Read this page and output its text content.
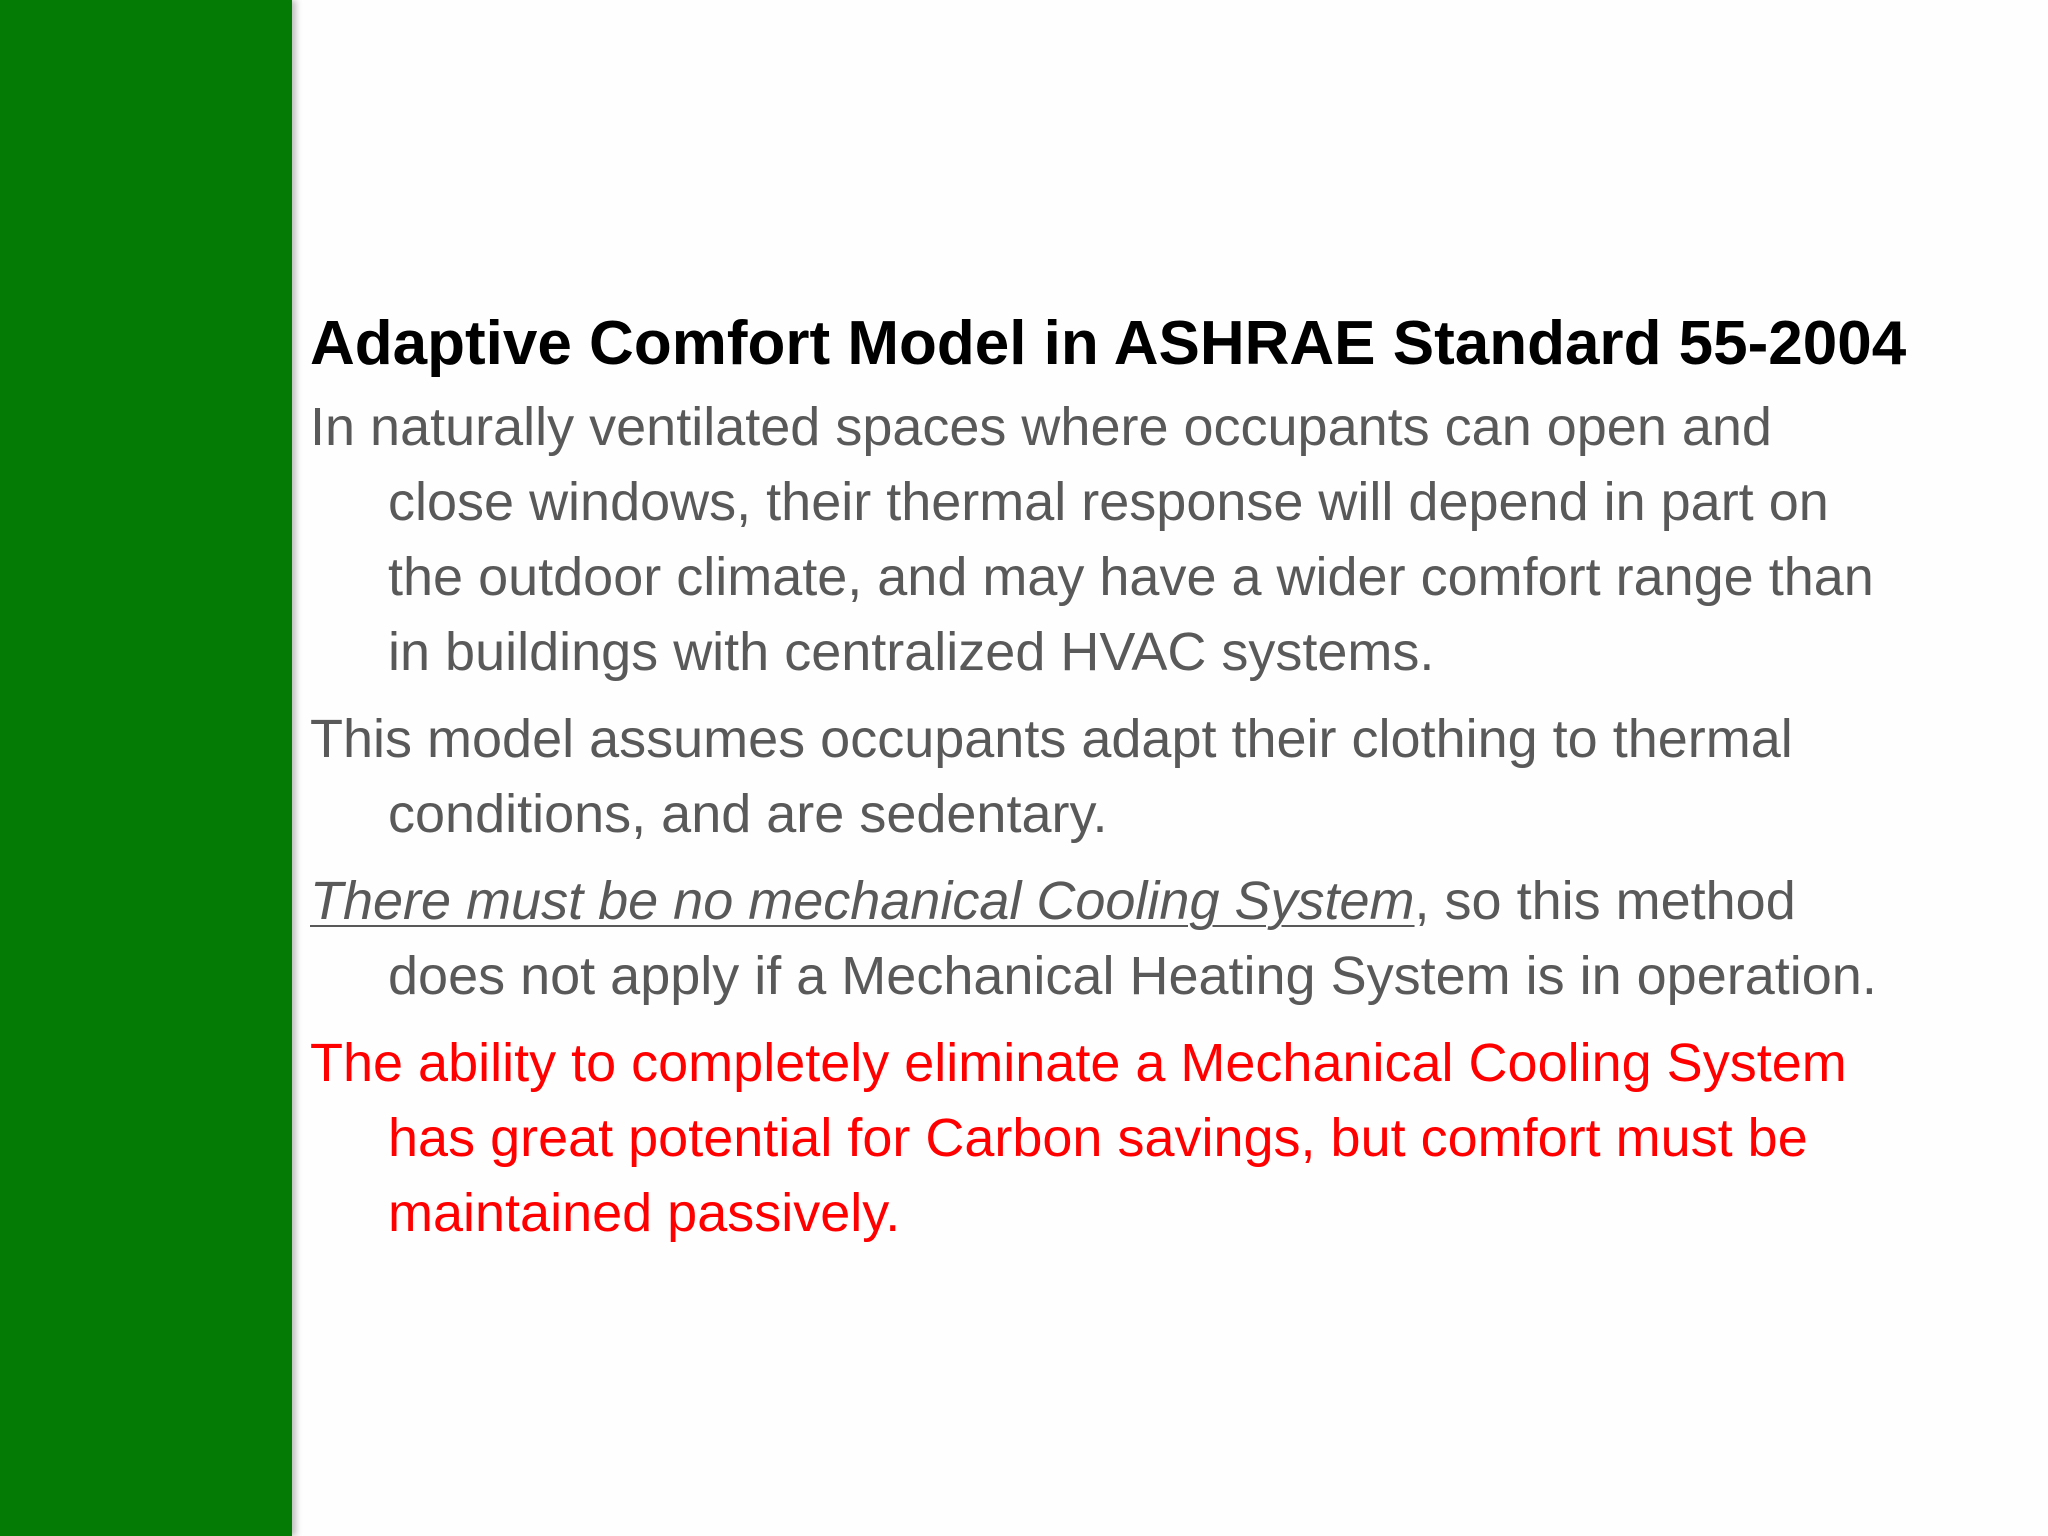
Adaptive Comfort Model in ASHRAE Standard 55-2004

In naturally ventilated spaces where occupants can open and close windows, their thermal response will depend in part on the outdoor climate, and may have a wider comfort range than in buildings with centralized HVAC systems.

This model assumes occupants adapt their clothing to thermal conditions, and are sedentary.

There must be no mechanical Cooling System, so this method does not apply if a Mechanical Heating System is in operation.

The ability to completely eliminate a Mechanical Cooling System has great potential for Carbon savings, but comfort must be maintained passively.
